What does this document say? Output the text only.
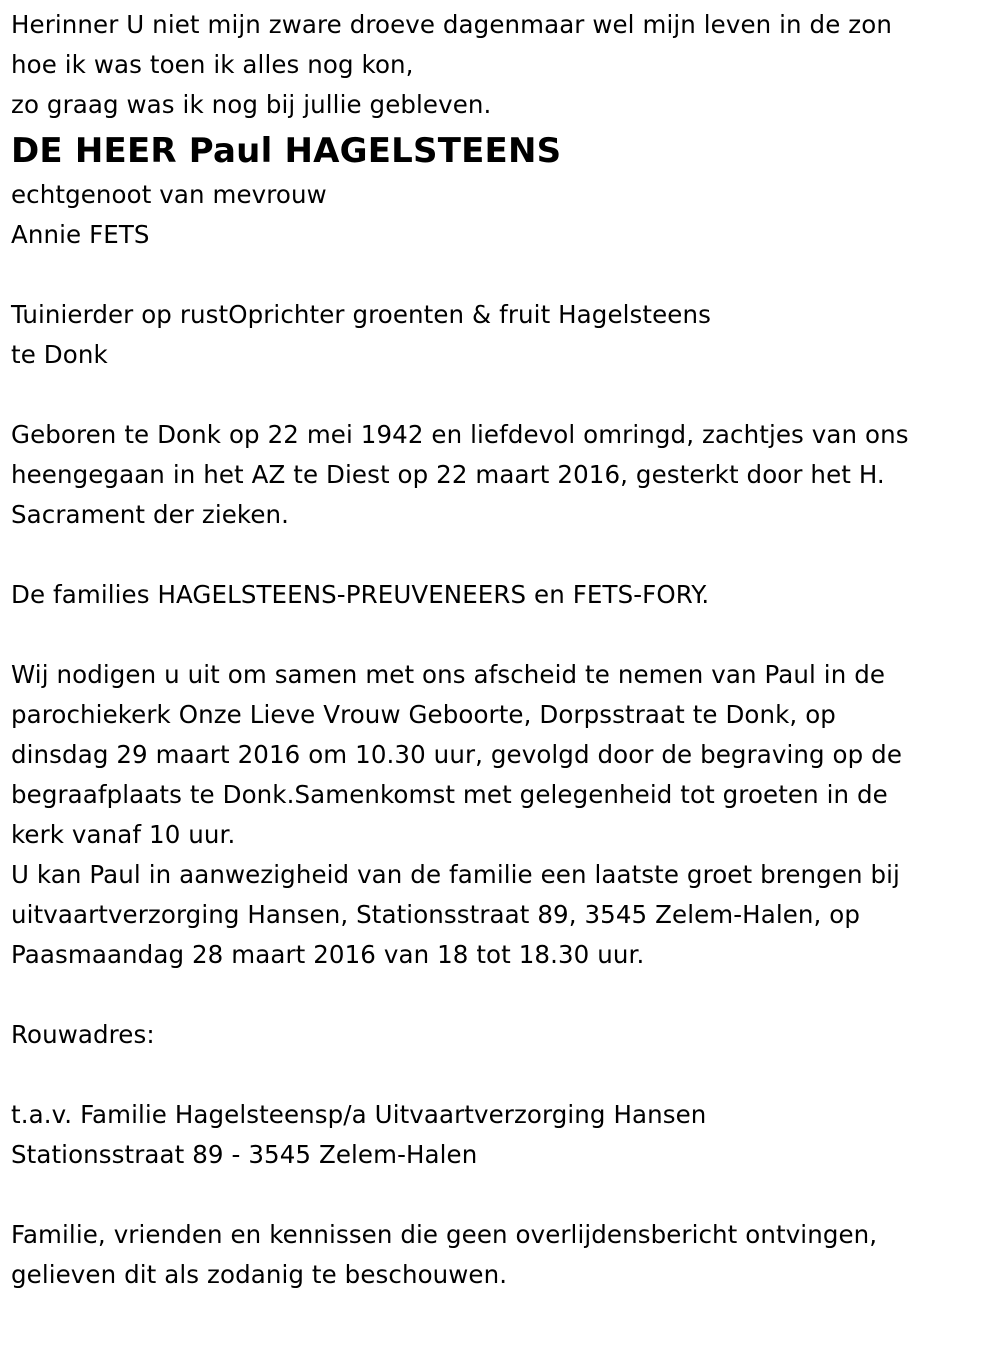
Herinner U niet mijn zware droeve dagenmaar wel mijn leven in de zon
hoe ik was toen ik alles nog kon,
zo graag was ik nog bij jullie gebleven.
DE HEER Paul HAGELSTEENS
echtgenoot van mevrouw
Annie FETS
Tuinierder op rustOprichter groenten & fruit Hagelsteens
te Donk
Geboren te Donk op 22 mei 1942 en liefdevol omringd, zachtjes van ons
heengegaan in het AZ te Diest op 22 maart 2016, gesterkt door het H.
Sacrament der zieken.
De families HAGELSTEENS-PREUVENEERS en FETS-FORY.
Wij nodigen u uit om samen met ons afscheid te nemen van Paul in de
parochiekerk Onze Lieve Vrouw Geboorte, Dorpsstraat te Donk, op
dinsdag 29 maart 2016 om 10.30 uur, gevolgd door de begraving op de
begraafplaats te Donk.Samenkomst met gelegenheid tot groeten in de
kerk vanaf 10 uur.
U kan Paul in aanwezigheid van de familie een laatste groet brengen bij
uitvaartverzorging Hansen, Stationsstraat 89, 3545 Zelem-Halen, op
Paasmaandag 28 maart 2016 van 18 tot 18.30 uur.
Rouwadres:
t.a.v. Familie Hagelsteensp/a Uitvaartverzorging Hansen
Stationsstraat 89 - 3545 Zelem-Halen
Familie, vrienden en kennissen die geen overlijdensbericht ontvingen,
gelieven dit als zodanig te beschouwen.
